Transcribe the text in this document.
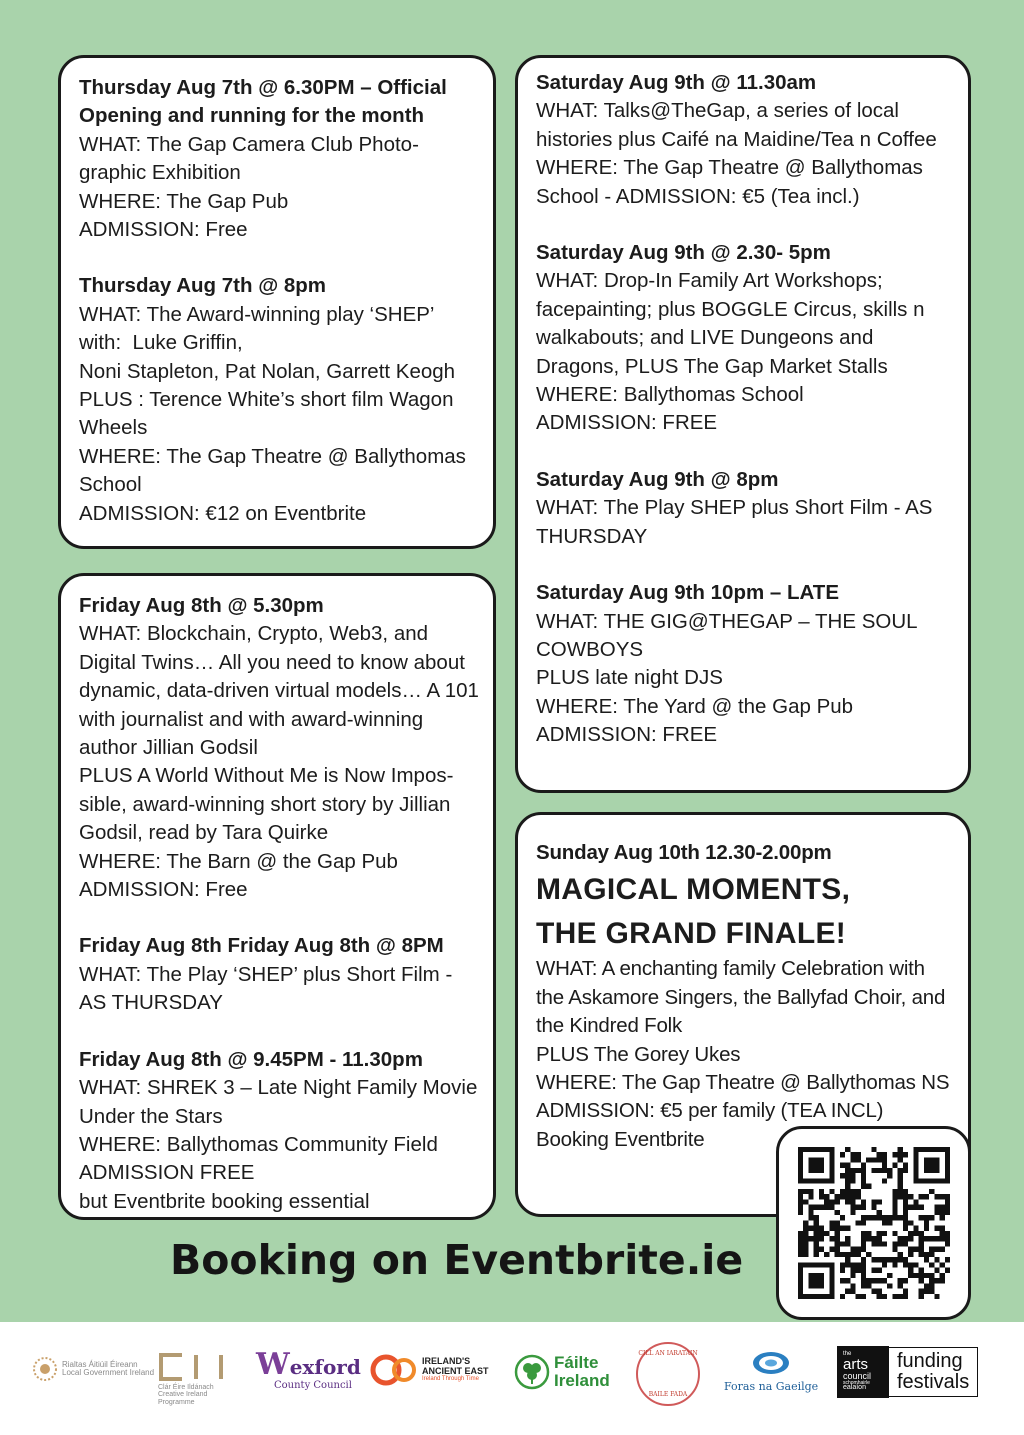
Thursday Aug 7th @ 6.30PM – Official Opening and running for the month
WHAT: The Gap Camera Club Photo-graphic Exhibition
WHERE: The Gap Pub
ADMISSION: Free
Thursday Aug 7th @ 8pm
WHAT: The Award-winning play ‘SHEP’ with:  Luke Griffin,
Noni Stapleton, Pat Nolan, Garrett Keogh
PLUS : Terence White’s short film Wagon Wheels
WHERE: The Gap Theatre @ Ballythomas School
ADMISSION: €12 on Eventbrite
Friday Aug 8th @ 5.30pm
WHAT: Blockchain, Crypto, Web3, and Digital Twins… All you need to know about dynamic, data-driven virtual models… A 101 with journalist and with award-winning author Jillian Godsil
PLUS A World Without Me is Now Impos-sible, award-winning short story by Jillian Godsil, read by Tara Quirke
WHERE: The Barn @ the Gap Pub
ADMISSION: Free
Friday Aug 8th Friday Aug 8th @ 8PM
WHAT: The Play ‘SHEP’ plus Short Film - AS THURSDAY
Friday Aug 8th @ 9.45PM - 11.30pm
WHAT: SHREK 3 – Late Night Family Movie Under the Stars
WHERE: Ballythomas Community Field
ADMISSION FREE
but Eventbrite booking essential
Saturday Aug 9th @ 11.30am
WHAT: Talks@TheGap, a series of local histories plus Caifé na Maidine/Tea n Coffee
WHERE: The Gap Theatre @ Ballythomas School - ADMISSION: €5 (Tea incl.)
Saturday Aug 9th @ 2.30- 5pm
WHAT: Drop-In Family Art Workshops; facepainting; plus BOGGLE Circus, skills n walkabouts; and LIVE Dungeons and Dragons, PLUS The Gap Market Stalls
WHERE: Ballythomas School
ADMISSION: FREE
Saturday Aug 9th @ 8pm
WHAT: The Play SHEP plus Short Film - AS THURSDAY
Saturday Aug 9th 10pm – LATE
WHAT: THE GIG@THEGAP – THE SOUL COWBOYS
PLUS late night DJS
WHERE: The Yard @ the Gap Pub
ADMISSION: FREE
Sunday Aug 10th 12.30-2.00pm
MAGICAL MOMENTS,
THE GRAND FINALE!
WHAT: A enchanting family Celebration with the Askamore Singers, the Ballyfad Choir, and the Kindred Folk
PLUS The Gorey Ukes
WHERE: The Gap Theatre @ Ballythomas NS
ADMISSION: €5 per family (TEA INCL)
Booking Eventbrite
Booking on Eventbrite.ie
Rialtas Áitiúil Éireann
Local Government Ireland
Clár Éire Ildánach
Creative Ireland
Programme
Wexford
County Council
IRELAND'S
ANCIENT EAST
Ireland Through Time
Fáilte
Ireland
CILL AN IARATAIN
BAILE FADA
Foras na Gaeilge
the
arts
council
schomhairle
ealaíon
funding
festivals
